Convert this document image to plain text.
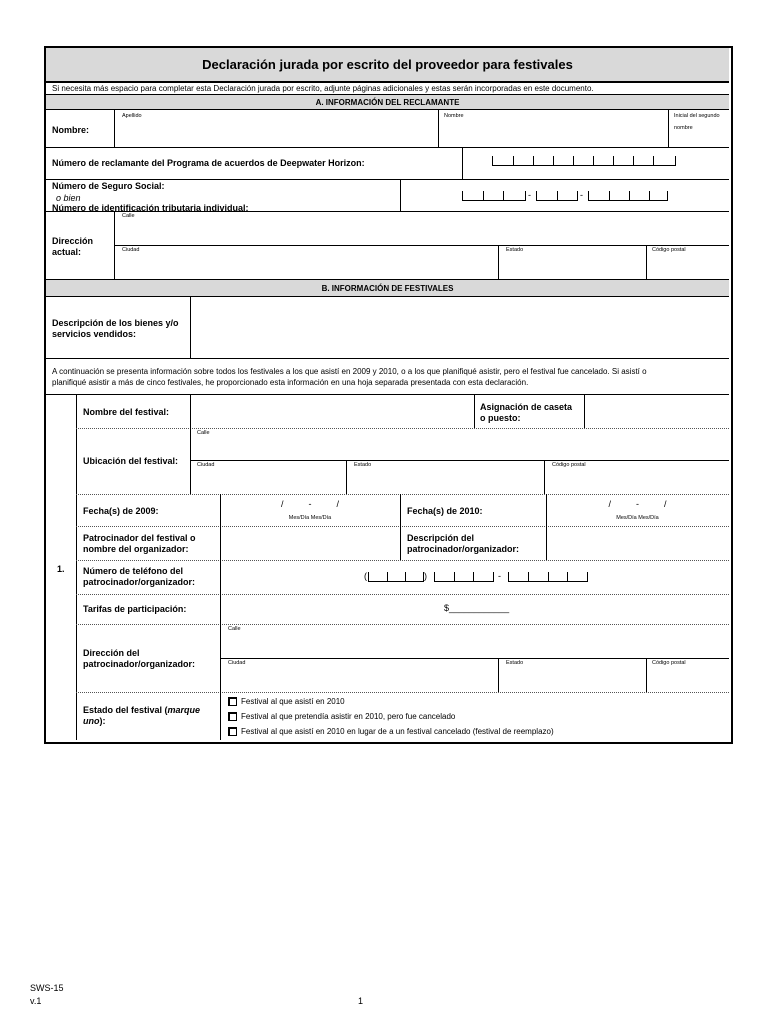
Declaración jurada por escrito del proveedor para festivales
Si necesita más espacio para completar esta Declaración jurada por escrito, adjunte páginas adicionales y estas serán incorporadas en este documento.
A. INFORMACIÓN DEL RECLAMANTE
Nombre:
Apellido	Nombre	Inicial del segundo
nombre
Número de reclamante del Programa de acuerdos de Deepwater Horizon:
Número de Seguro Social:
o bien
Número de identificación tributaria individual:
-	-
Dirección
actual:
Calle
Ciudad	Estado	Código postal
B. INFORMACIÓN DE FESTIVALES
Descripción de los bienes y/o
servicios vendidos:
A continuación se presenta información sobre todos los festivales a los que asistí en 2009 y 2010, o a los que planifiqué asistir, pero el festival fue cancelado. Si asistí o
planifiqué asistir a más de cinco festivales, he proporcionado esta información en una hoja separada presentada con esta declaración.
1.
Nombre del festival:	Asignación de caseta
o puesto:
Ubicación del festival:
Calle
Ciudad	Estado	Código postal
Fecha(s) de 2009:
/          -          /
Mes/Día Mes/Día
Fecha(s) de 2010:
/          -          /
Mes/Día Mes/Día
Patrocinador del festival o
nombre del organizador:
Descripción del
patrocinador/organizador:
Número de teléfono del
patrocinador/organizador:
(	)	-
Tarifas de participación:	$____________
Dirección del
patrocinador/organizador:
Calle
Ciudad	Estado	Código postal
Estado del festival (marque
uno):
Festival al que asistí en 2010
Festival al que pretendía asistir en 2010, pero fue cancelado
Festival al que asistí en 2010 en lugar de a un festival cancelado (festival de reemplazo)
SWS-15
v.1	1
